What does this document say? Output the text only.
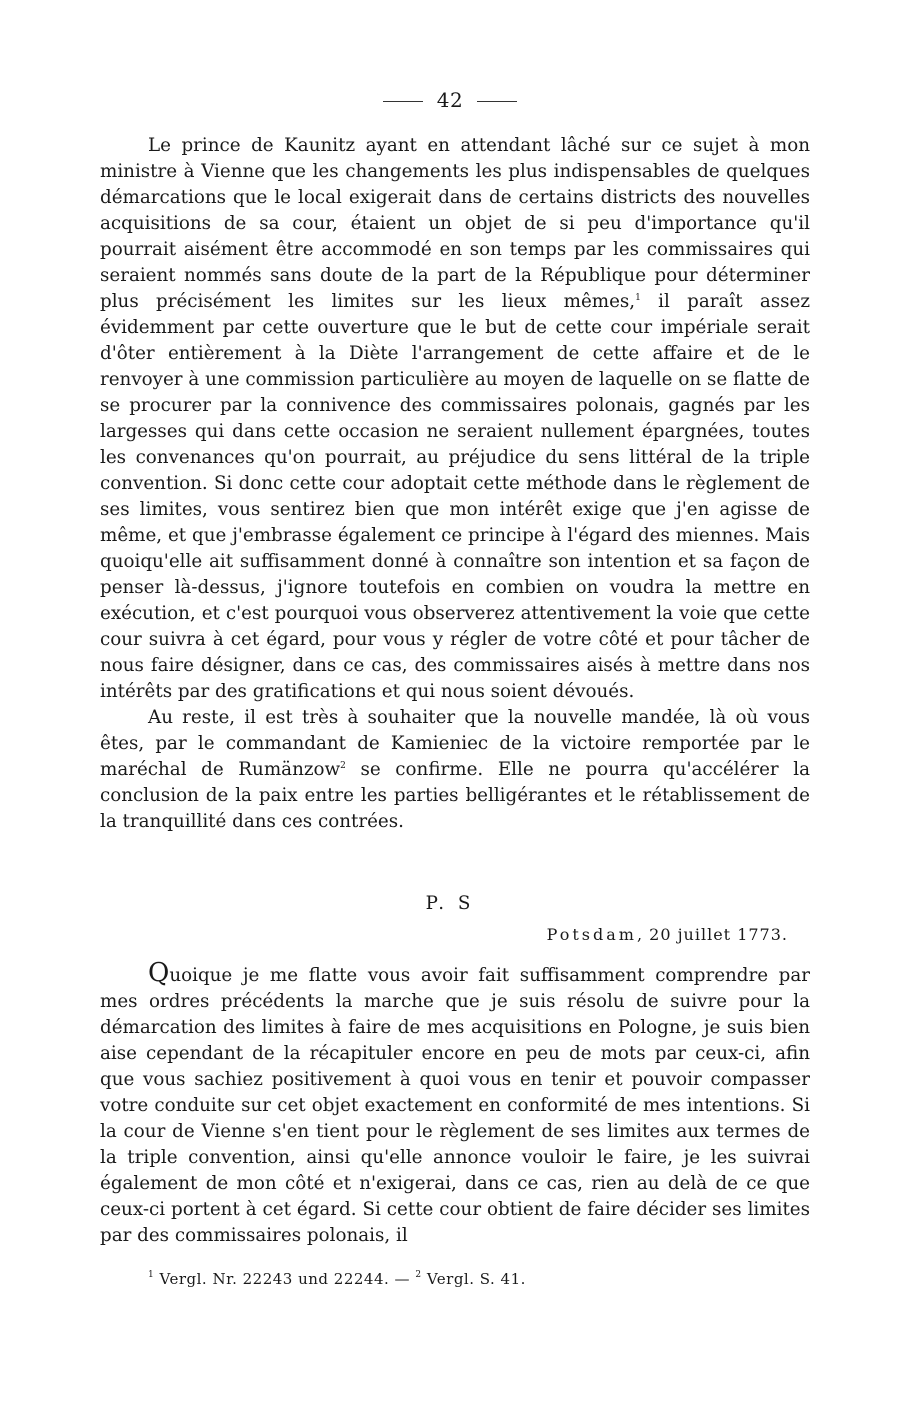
42

Le prince de Kaunitz ayant en attendant lâché sur ce sujet à mon ministre à Vienne que les changements les plus indispensables de quelques démarcations que le local exigerait dans de certains districts des nouvelles acquisitions de sa cour, étaient un objet de si peu d'importance qu'il pourrait aisément être accommodé en son temps par les commissaires qui seraient nommés sans doute de la part de la République pour déterminer plus précisément les limites sur les lieux mêmes,$^1$ il paraît assez évidemment par cette ouverture que le but de cette cour impériale serait d'ôter entièrement à la Diète l'arrangement de cette affaire et de le renvoyer à une commission particulière au moyen de laquelle on se flatte de se procurer par la connivence des commissaires polonais, gagnés par les largesses qui dans cette occasion ne seraient nullement épargnées, toutes les convenances qu'on pourrait, au préjudice du sens littéral de la triple convention. Si donc cette cour adoptait cette méthode dans le règlement de ses limites, vous sentirez bien que mon intérêt exige que j'en agisse de même, et que j'embrasse également ce principe à l'égard des miennes. Mais quoiqu'elle ait suffisamment donné à connaître son intention et sa façon de penser là-dessus, j'ignore toutefois en combien on voudra la mettre en exécution, et c'est pourquoi vous observerez attentivement la voie que cette cour suivra à cet égard, pour vous y régler de votre côté et pour tâcher de nous faire désigner, dans ce cas, des commissaires aisés à mettre dans nos intérêts par des gratifications et qui nous soient dévoués.

Au reste, il est très à souhaiter que la nouvelle mandée, là où vous êtes, par le commandant de Kamieniec de la victoire remportée par le maréchal de Rumänzow$^2$ se confirme. Elle ne pourra qu'accélérer la conclusion de la paix entre les parties belligérantes et le rétablissement de la tranquillité dans ces contrées.

P. S
Potsdam, 20 juillet 1773.

Quoique je me flatte vous avoir fait suffisamment comprendre par mes ordres précédents la marche que je suis résolu de suivre pour la démarcation des limites à faire de mes acquisitions en Pologne, je suis bien aise cependant de la récapituler encore en peu de mots par ceux-ci, afin que vous sachiez positivement à quoi vous en tenir et pouvoir compasser votre conduite sur cet objet exactement en conformité de mes intentions. Si la cour de Vienne s'en tient pour le règlement de ses limites aux termes de la triple convention, ainsi qu'elle annonce vouloir le faire, je les suivrai également de mon côté et n'exigerai, dans ce cas, rien au delà de ce que ceux-ci portent à cet égard. Si cette cour obtient de faire décider ses limites par des commissaires polonais, il

$^1$ Vergl. Nr. 22243 und 22244. — $^2$ Vergl. S. 41.
